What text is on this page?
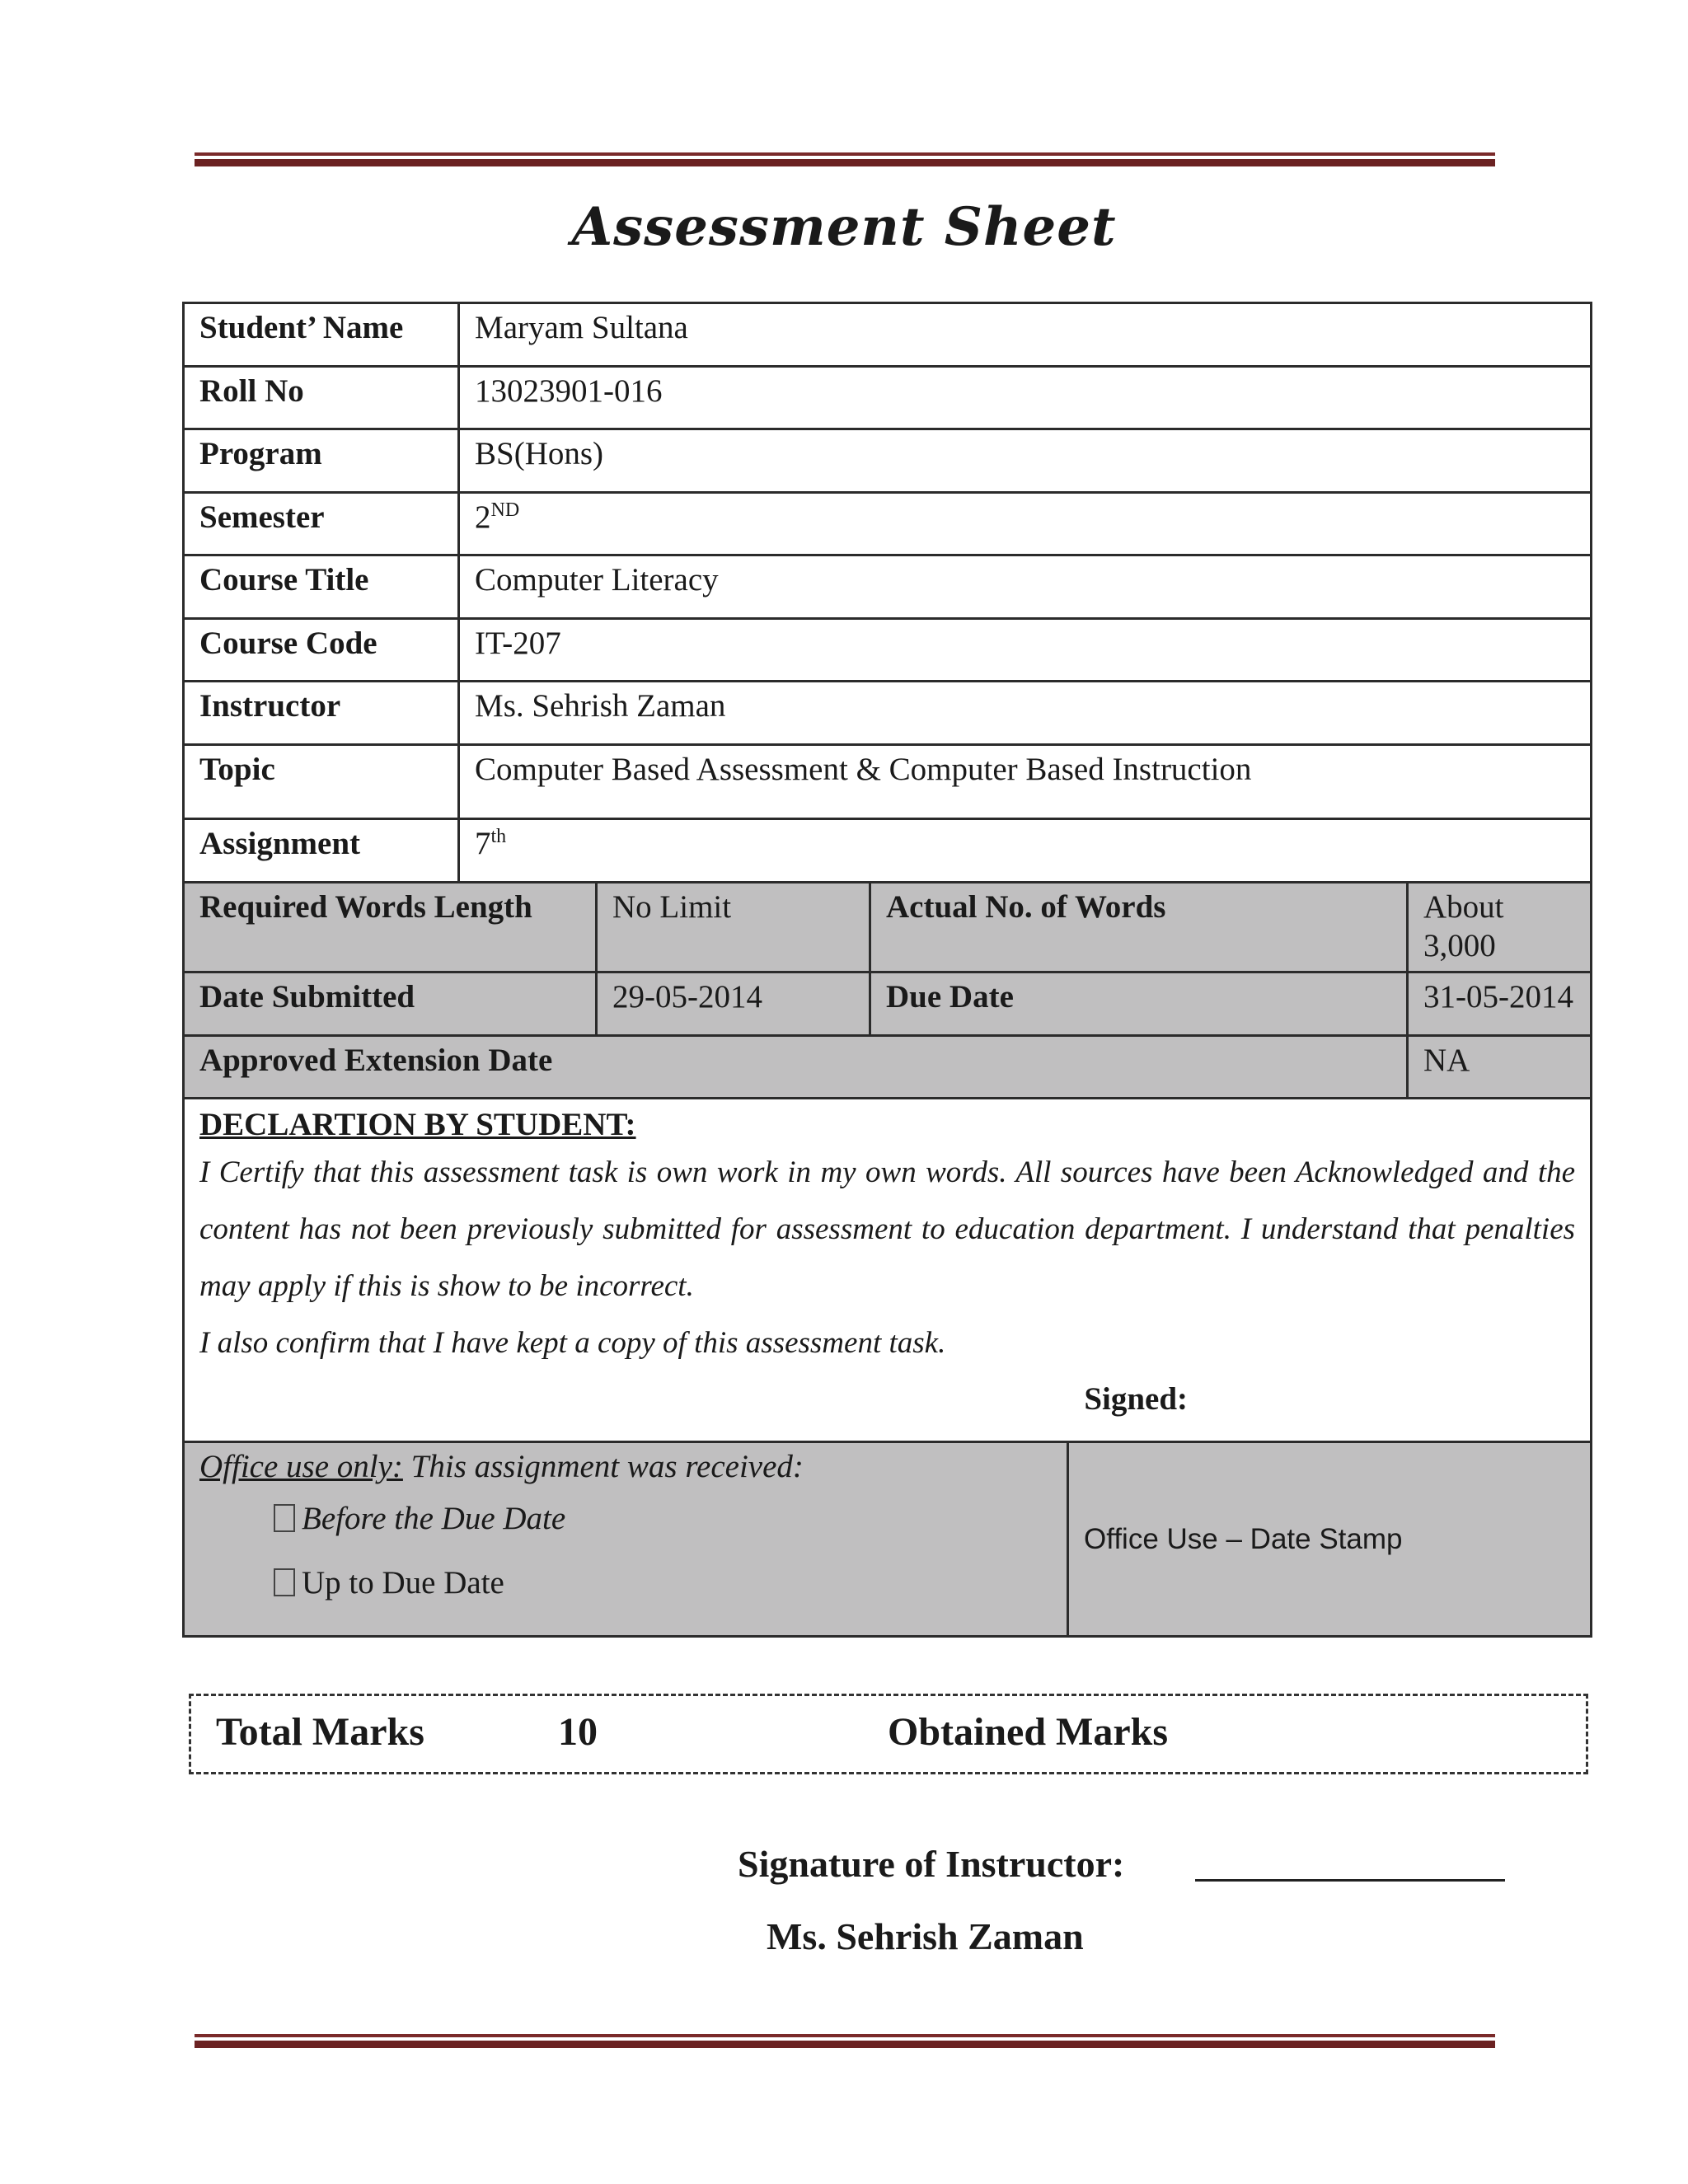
Assessment Sheet
Student’ Name	Maryam Sultana				
Roll No	13023901-016				
Program	BS(Hons)				
Semester	2ND
Course Title	Computer Literacy				
Course Code	IT-207				
Instructor	Ms. Sehrish Zaman				
Topic	Computer Based Assessment & Computer Based Instruction				
Assignment	7th
Required Words Length		No Limit	Actual No. of Words		About 3,000
Date Submitted		29-05-2014	Due Date		31-05-2014
Approved Extension Date					NA

DECLARTION BY STUDENT:
I Certify that this assessment task is own work in my own words. All sources have been Acknowledged and the content has not been previously submitted for assessment to education department. I understand that penalties may apply if this is show to be incorrect.
I also confirm that I have kept a copy of this assessment task.
Signed:					

Office use only: This assignment was received:
Before the Due Date
Up to Due Date				Office Use – Date Stamp	
Total Marks	10	Obtained Marks
Signature of Instructor:
Ms. Sehrish Zaman
